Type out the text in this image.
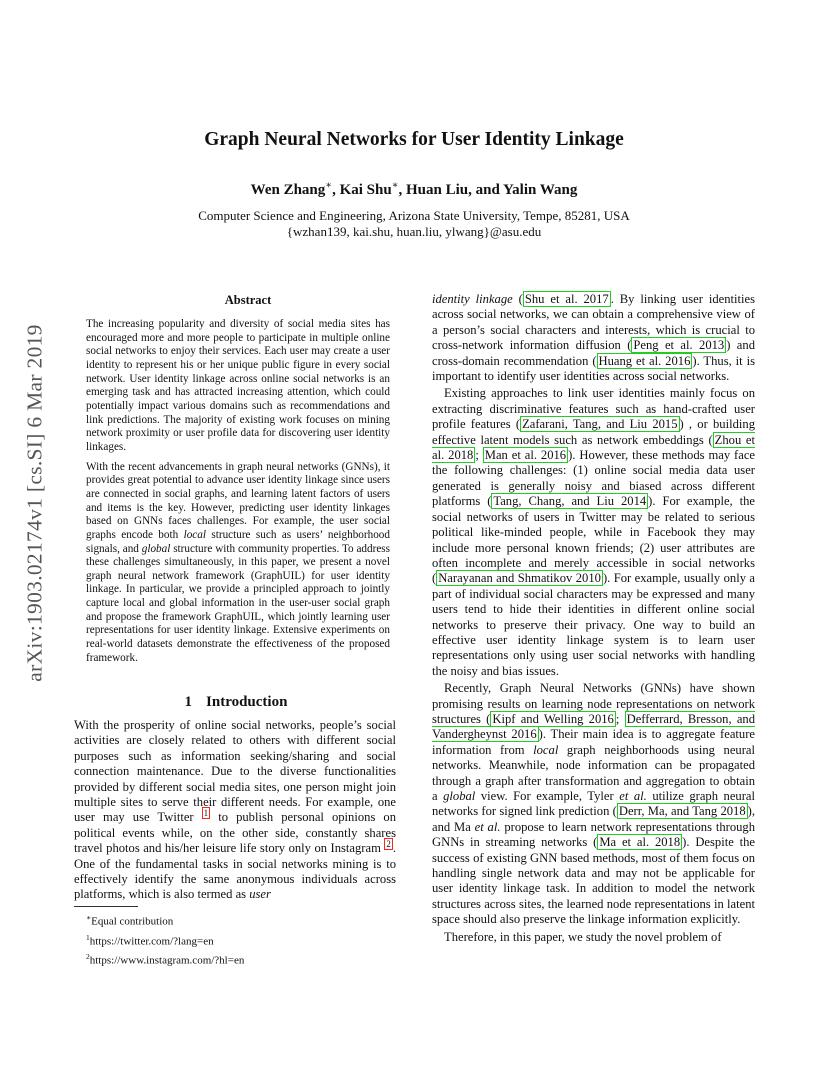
arXiv:1903.02174v1 [cs.SI] 6 Mar 2019
Graph Neural Networks for User Identity Linkage
Wen Zhang∗, Kai Shu∗, Huan Liu, and Yalin Wang
Computer Science and Engineering, Arizona State University, Tempe, 85281, USA
{wzhan139, kai.shu, huan.liu, ylwang}@asu.edu
Abstract

The increasing popularity and diversity of social media sites has encouraged more and more people to participate in multiple online social networks to enjoy their services. Each user may create a user identity to represent his or her unique public figure in every social network. User identity linkage across online social networks is an emerging task and has attracted increasing attention, which could potentially impact various domains such as recommendations and link predictions. The majority of existing work focuses on mining network proximity or user profile data for discovering user identity linkages.

With the recent advancements in graph neural networks (GNNs), it provides great potential to advance user identity linkage since users are connected in social graphs, and learning latent factors of users and items is the key. However, predicting user identity linkages based on GNNs faces challenges. For example, the user social graphs encode both local structure such as users’ neighborhood signals, and global structure with community properties. To address these challenges simultaneously, in this paper, we present a novel graph neural network framework (GraphUIL) for user identity linkage. In particular, we provide a principled approach to jointly capture local and global information in the user-user social graph and propose the framework GraphUIL, which jointly learning user representations for user identity linkage. Extensive experiments on real-world datasets demonstrate the effectiveness of the proposed framework.

1 Introduction
With the prosperity of online social networks, people’s social activities are closely related to others with different social purposes such as information seeking/sharing and social connection maintenance. Due to the diverse functionalities provided by different social media sites, one person might join multiple sites to serve their different needs. For example, one user may use Twitter $^1$ to publish personal opinions on political events while, on the other side, constantly shares travel photos and his/her leisure life story only on Instagram $^2$ . One of the fundamental tasks in social networks mining is to effectively identify the same anonymous individuals across platforms, which is also termed as user

identity linkage ( Shu et al. 2017 . By linking user identities across social networks, we can obtain a comprehensive view of a person’s social characters and interests, which is crucial to cross-network information diffusion ( Peng et al. 2013 ) and cross-domain recommendation ( Huang et al. 2016 ). Thus, it is important to identify user identities across social networks.

Existing approaches to link user identities mainly focus on extracting discriminative features such as hand-crafted user profile features ( Zafarani, Tang, and Liu 2015 ) , or building effective latent models such as network embeddings ( Zhou et al. 2018 ; Man et al. 2016 ). However, these methods may face the following challenges: (1) online social media data user generated is generally noisy and biased across different platforms ( Tang, Chang, and Liu 2014 ). For example, the social networks of users in Twitter may be related to serious political like-minded people, while in Facebook they may include more personal known friends; (2) user attributes are often incomplete and merely accessible in social networks ( Narayanan and Shmatikov 2010 ). For example, usually only a part of individual social characters may be expressed and many users tend to hide their identities in different online social networks to preserve their privacy. One way to build an effective user identity linkage system is to learn user representations only using user social networks with handling the noisy and bias issues.

Recently, Graph Neural Networks (GNNs) have shown promising results on learning node representations on network structures ( Kipf and Welling 2016 ; Defferrard, Bresson, and Vandergheynst 2016 ). Their main idea is to aggregate feature information from local graph neighborhoods using neural networks. Meanwhile, node information can be propagated through a graph after transformation and aggregation to obtain a global view. For example, Tyler et al. utilize graph neural networks for signed link prediction ( Derr, Ma, and Tang 2018 ), and Ma et al. propose to learn network representations through GNNs in streaming networks ( Ma et al. 2018 ). Despite the success of existing GNN based methods, most of them focus on handling single network data and may not be applicable for user identity linkage task. In addition to model the network structures across sites, the learned node representations in latent space should also preserve the linkage information explicitly.

Therefore, in this paper, we study the novel problem of

∗Equal contribution
$^1$https://twitter.com/?lang=en
$^2$https://www.instagram.com/?hl=en
